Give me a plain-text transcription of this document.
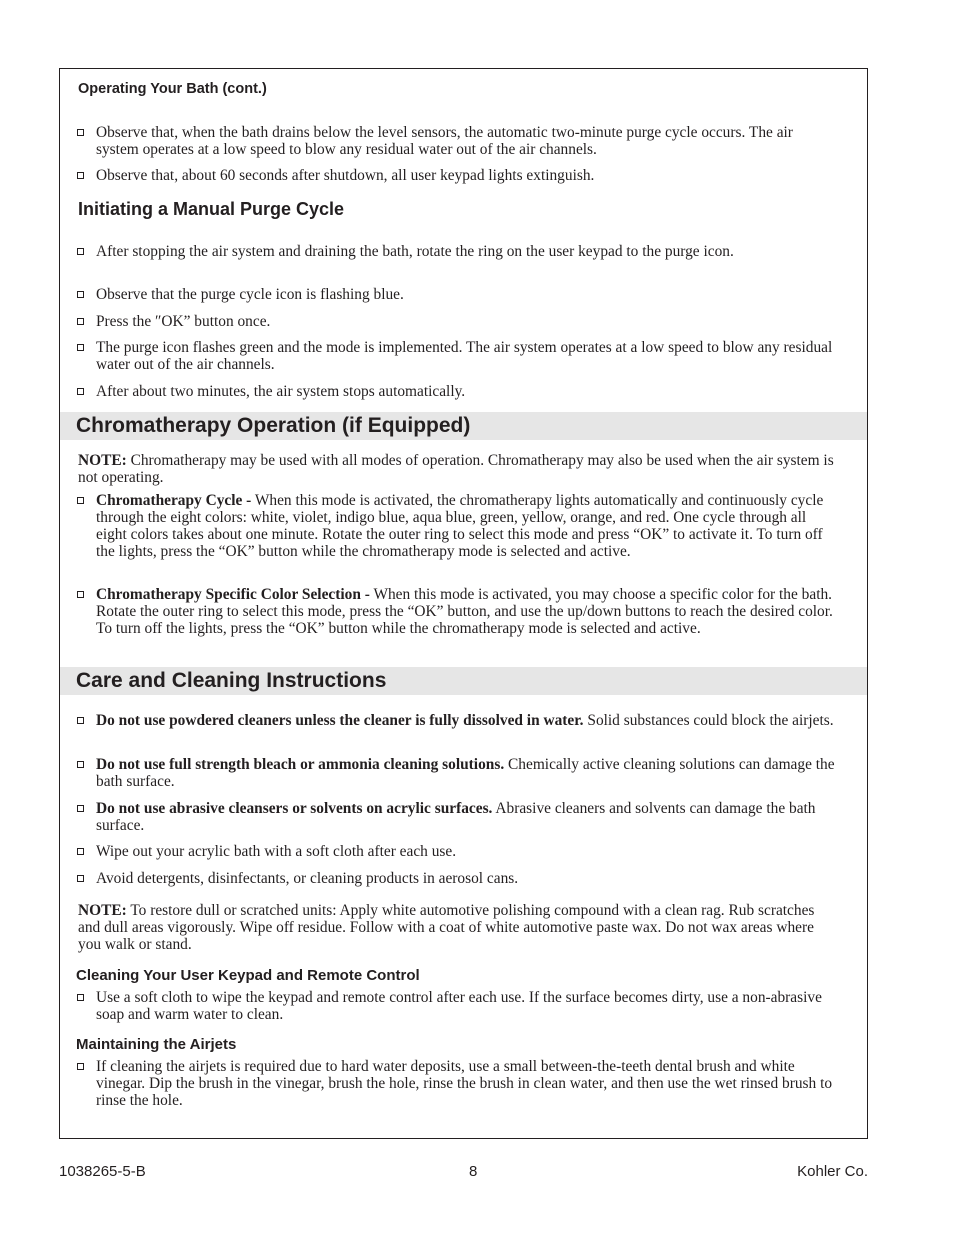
Operating Your Bath (cont.)
Observe that, when the bath drains below the level sensors, the automatic two-minute purge cycle occurs. The air system operates at a low speed to blow any residual water out of the air channels.
Observe that, about 60 seconds after shutdown, all user keypad lights extinguish.
Initiating a Manual Purge Cycle
After stopping the air system and draining the bath, rotate the ring on the user keypad to the purge icon.
Observe that the purge cycle icon is flashing blue.
Press the ″OK” button once.
The purge icon flashes green and the mode is implemented. The air system operates at a low speed to blow any residual water out of the air channels.
After about two minutes, the air system stops automatically.
Chromatherapy Operation (if Equipped)
NOTE: Chromatherapy may be used with all modes of operation. Chromatherapy may also be used when the air system is not operating.
Chromatherapy Cycle - When this mode is activated, the chromatherapy lights automatically and continuously cycle through the eight colors: white, violet, indigo blue, aqua blue, green, yellow, orange, and red. One cycle through all eight colors takes about one minute. Rotate the outer ring to select this mode and press “OK” to activate it. To turn off the lights, press the “OK” button while the chromatherapy mode is selected and active.
Chromatherapy Specific Color Selection - When this mode is activated, you may choose a specific color for the bath. Rotate the outer ring to select this mode, press the “OK” button, and use the up/down buttons to reach the desired color. To turn off the lights, press the “OK” button while the chromatherapy mode is selected and active.
Care and Cleaning Instructions
Do not use powdered cleaners unless the cleaner is fully dissolved in water. Solid substances could block the airjets.
Do not use full strength bleach or ammonia cleaning solutions. Chemically active cleaning solutions can damage the bath surface.
Do not use abrasive cleansers or solvents on acrylic surfaces. Abrasive cleaners and solvents can damage the bath surface.
Wipe out your acrylic bath with a soft cloth after each use.
Avoid detergents, disinfectants, or cleaning products in aerosol cans.
NOTE: To restore dull or scratched units: Apply white automotive polishing compound with a clean rag. Rub scratches and dull areas vigorously. Wipe off residue. Follow with a coat of white automotive paste wax. Do not wax areas where you walk or stand.
Cleaning Your User Keypad and Remote Control
Use a soft cloth to wipe the keypad and remote control after each use. If the surface becomes dirty, use a non-abrasive soap and warm water to clean.
Maintaining the Airjets
If cleaning the airjets is required due to hard water deposits, use a small between-the-teeth dental brush and white vinegar. Dip the brush in the vinegar, brush the hole, rinse the brush in clean water, and then use the wet rinsed brush to rinse the hole.
1038265-5-B	8	Kohler Co.
